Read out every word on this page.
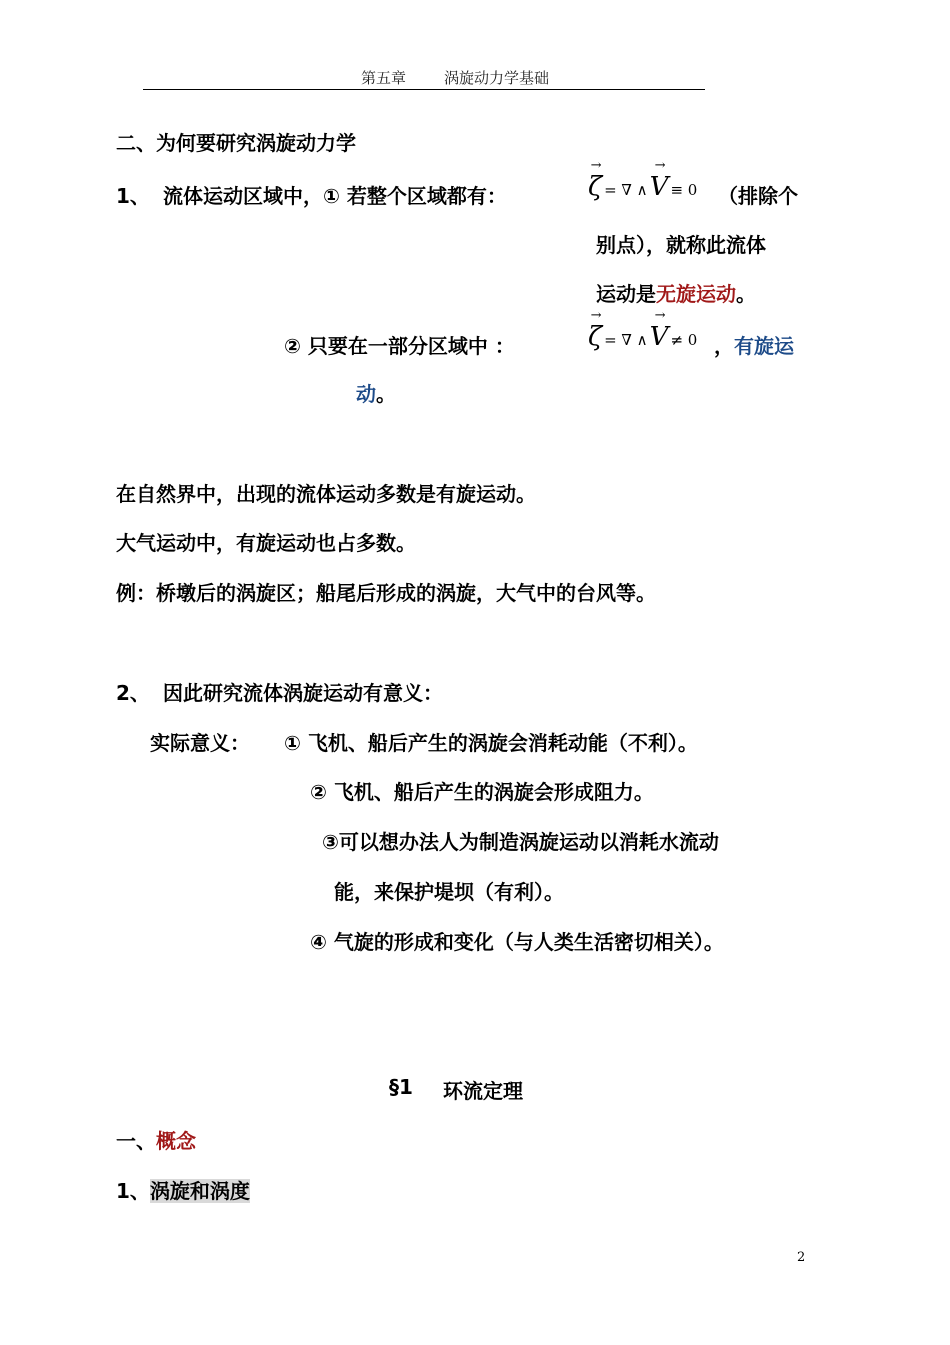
第五章	涡旋动力学基础
二、为何要研究涡旋动力学
1、 流体运动区域中，① 若整个区域都有：
→
ζ = ∇ ∧
→
V ≡ 0 （排除个
别点），就称此流体
运动是无旋运动。
② 只要在一部分区域中 ：
→
ζ = ∇ ∧
→
V ≠ 0 ，有旋运
动。
在自然界中，出现的流体运动多数是有旋运动。
大气运动中，有旋运动也占多数。
例：桥墩后的涡旋区；船尾后形成的涡旋，大气中的台风等。
2、 因此研究流体涡旋运动有意义：
实际意义： ① 飞机、船后产生的涡旋会消耗动能（不利）。
② 飞机、船后产生的涡旋会形成阻力。
③可以想办法人为制造涡旋运动以消耗水流动
能，来保护堤坝（有利）。
④ 气旋的形成和变化（与人类生活密切相关）。
§1 环流定理
一、概念
1、涡旋和涡度
2
